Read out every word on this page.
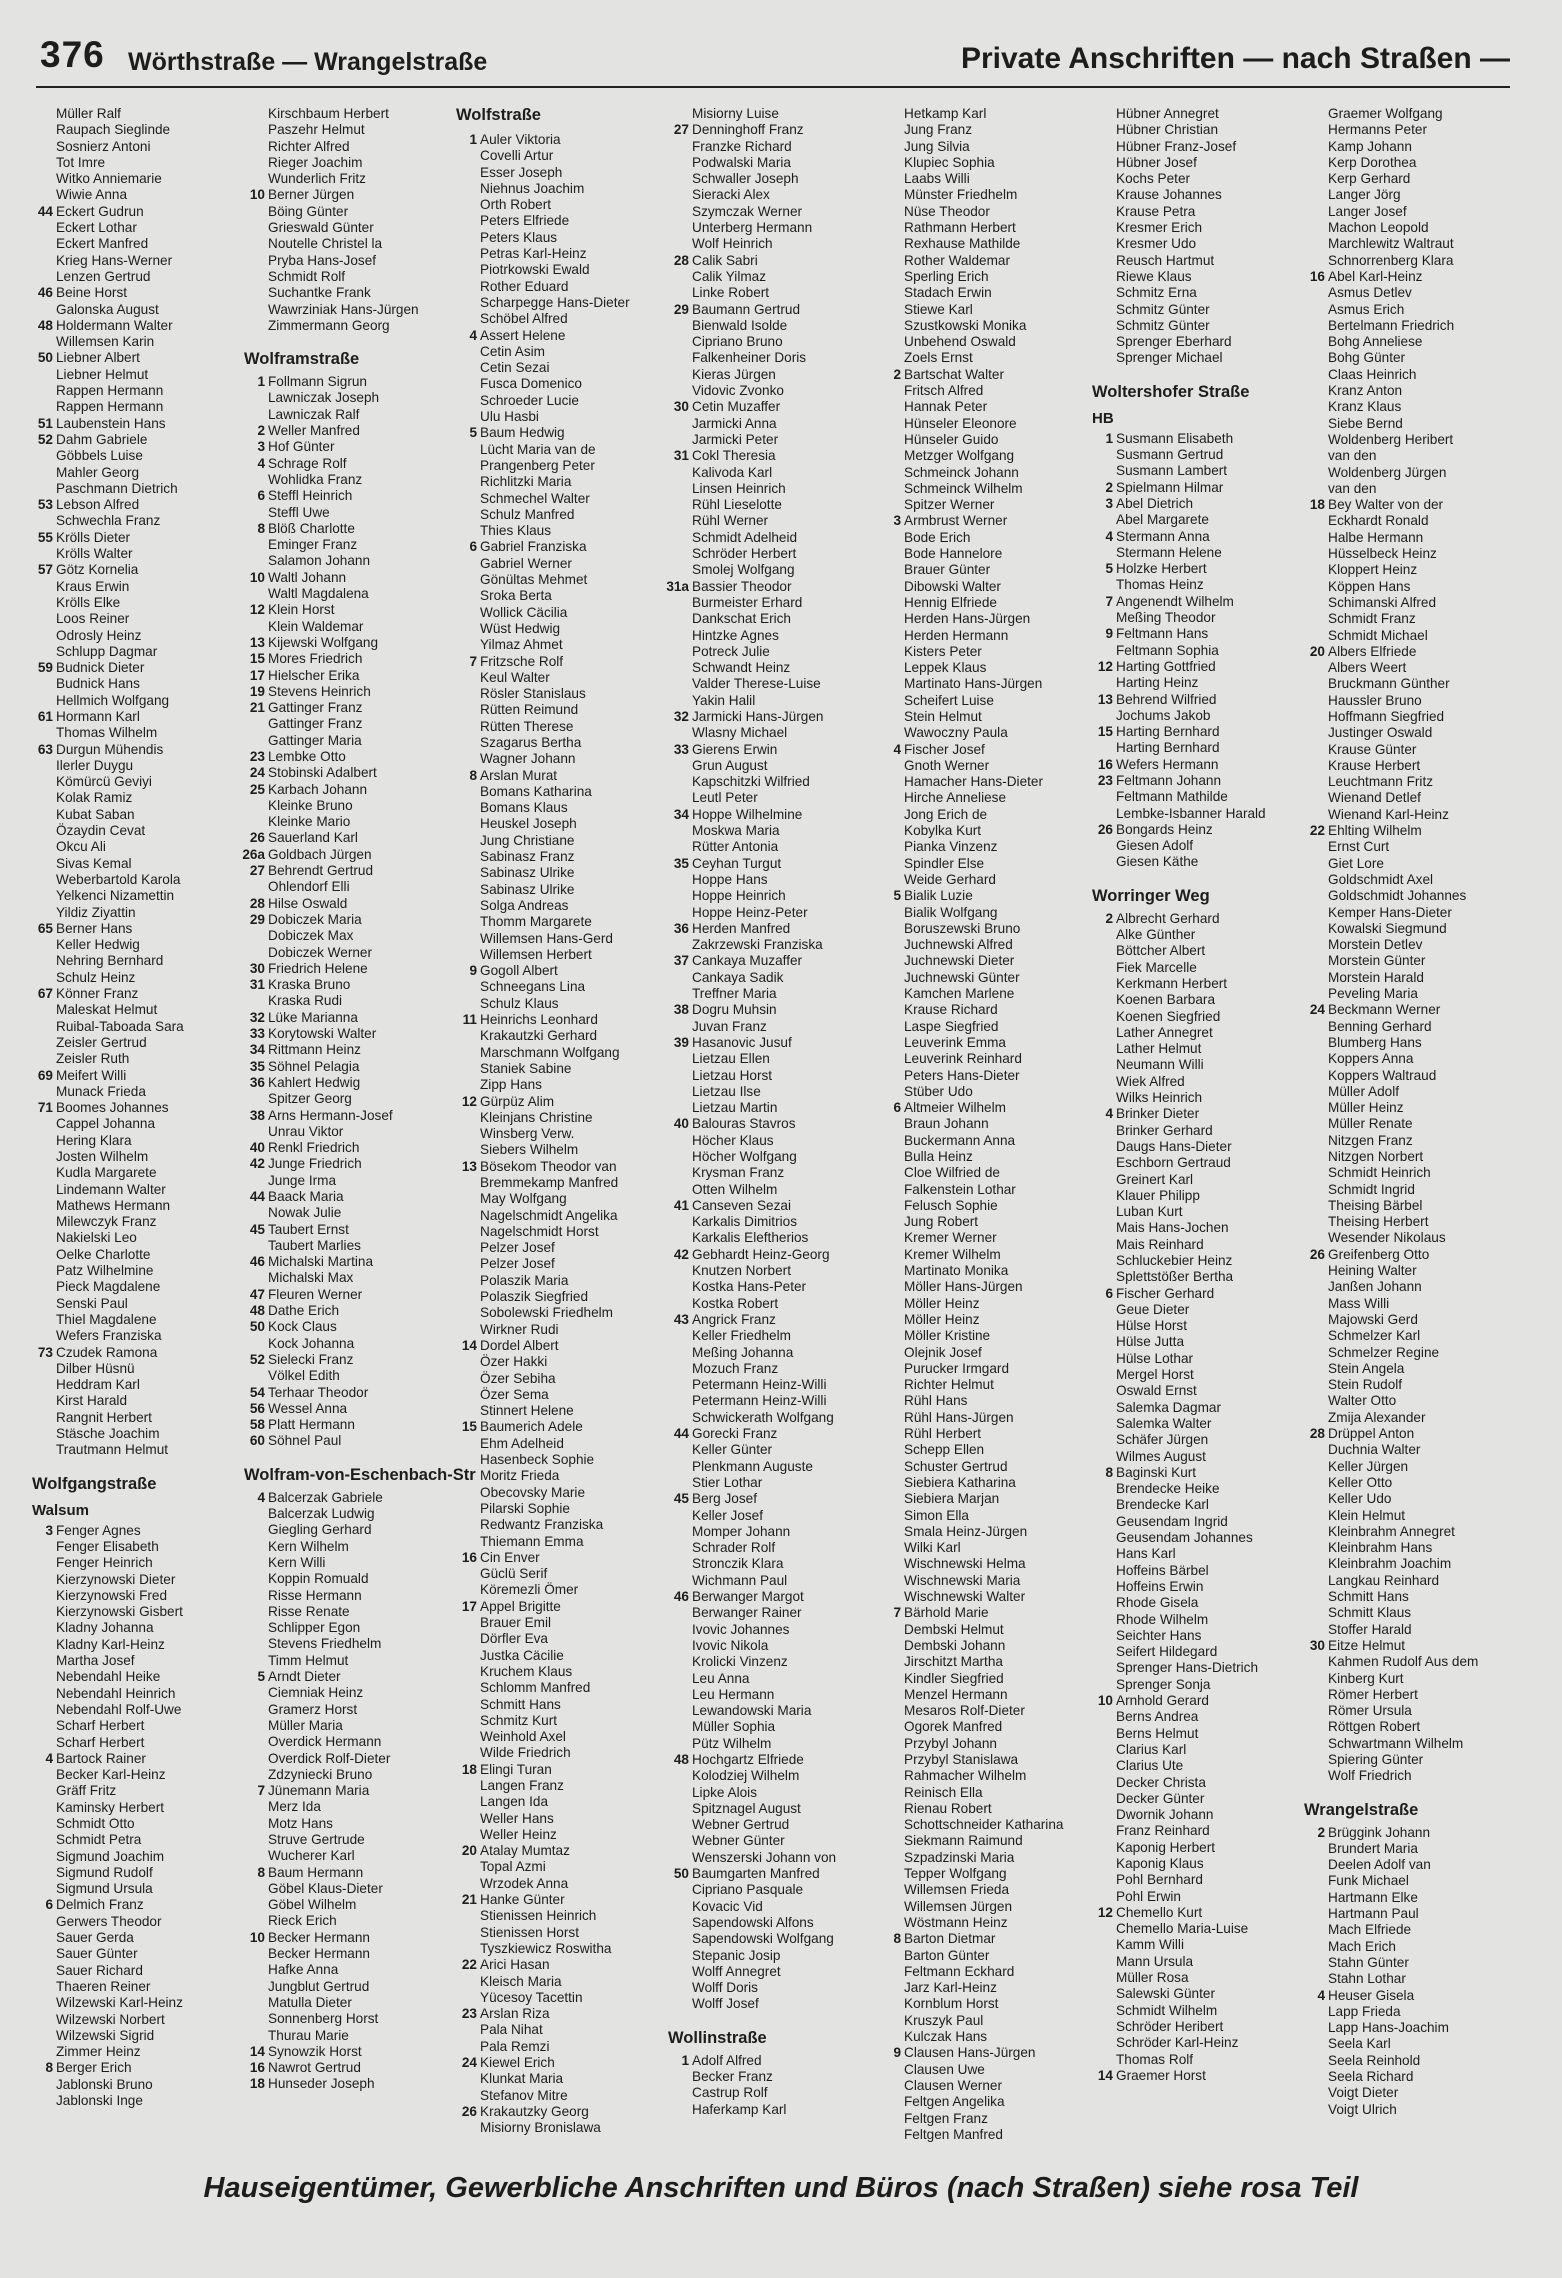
376 Wörthstraße — Wrangelstraße	Private Anschriften — nach Straßen —
Müller Ralf
Raupach Sieglinde
Sosnierz Antoni
Tot Imre
Witko Anniemarie
Wiwie Anna
44 Eckert Gudrun
Eckert Lothar
Eckert Manfred
Krieg Hans-Werner
Lenzen Gertrud
46 Beine Horst
Galonska August
48 Holdermann Walter
Willemsen Karin
50 Liebner Albert
Liebner Helmut
Rappen Hermann
Rappen Hermann
51 Laubenstein Hans
52 Dahm Gabriele
Göbbels Luise
Mahler Georg
Paschmann Dietrich
53 Lebson Alfred
Schwechla Franz
55 Krölls Dieter
Krölls Walter
57 Götz Kornelia
Kraus Erwin
Krölls Elke
Loos Reiner
Odrosly Heinz
Schlupp Dagmar
59 Budnick Dieter
Budnick Hans
Hellmich Wolfgang
61 Hormann Karl
Thomas Wilhelm
63 Durgun Mühendis
Ilerler Duygu
Kömürcü Geviyi
Kolak Ramiz
Kubat Saban
Özaydin Cevat
Okcu Ali
Sivas Kemal
Weberbartold Karola
Yelkenci Nizamettin
Yildiz Ziyattin
65 Berner Hans
Keller Hedwig
Nehring Bernhard
Schulz Heinz
67 Könner Franz
Maleskat Helmut
Ruibal-Taboada Sara
Zeisler Gertrud
Zeisler Ruth
69 Meifert Willi
Munack Frieda
71 Boomes Johannes
Cappel Johanna
Hering Klara
Josten Wilhelm
Kudla Margarete
Lindemann Walter
Mathews Hermann
Milewczyk Franz
Nakielski Leo
Oelke Charlotte
Patz Wilhelmine
Pieck Magdalene
Senski Paul
Thiel Magdalene
Wefers Franziska
73 Czudek Ramona
Dilber Hüsnü
Heddram Karl
Kirst Harald
Rangnit Herbert
Stäsche Joachim
Trautmann Helmut
Wolfgangstraße
Walsum
3 Fenger Agnes
Fenger Elisabeth
Fenger Heinrich
Kierzynowski Dieter
Kierzynowski Fred
Kierzynowski Gisbert
Kladny Johanna
Kladny Karl-Heinz
Martha Josef
Nebendahl Heike
Nebendahl Heinrich
Nebendahl Rolf-Uwe
Scharf Herbert
Scharf Herbert
4 Bartock Rainer
Becker Karl-Heinz
Gräff Fritz
Kaminsky Herbert
Schmidt Otto
Schmidt Petra
Sigmund Joachim
Sigmund Rudolf
Sigmund Ursula
6 Delmich Franz
Gerwers Theodor
Sauer Gerda
Sauer Günter
Sauer Richard
Thaeren Reiner
Wilzewski Karl-Heinz
Wilzewski Norbert
Wilzewski Sigrid
Zimmer Heinz
8 Berger Erich
Jablonski Bruno
Jablonski Inge
Kirschbaum Herbert
Paszehr Helmut
Richter Alfred
Rieger Joachim
Wunderlich Fritz
10 Berner Jürgen
Böing Günter
Grieswald Günter
Noutelle Christel la
Pryba Hans-Josef
Schmidt Rolf
Suchantke Frank
Wawrziniak Hans-Jürgen
Zimmermann Georg
Wolframstraße
1 Follmann Sigrun
Lawniczak Joseph
Lawniczak Ralf
2 Weller Manfred
3 Hof Günter
4 Schrage Rolf
Wohlidka Franz
6 Steffl Heinrich
Steffl Uwe
8 Blöß Charlotte
Eminger Franz
Salamon Johann
10 Waltl Johann
Waltl Magdalena
12 Klein Horst
Klein Waldemar
13 Kijewski Wolfgang
15 Mores Friedrich
17 Hielscher Erika
19 Stevens Heinrich
21 Gattinger Franz
Gattinger Franz
Gattinger Maria
23 Lembke Otto
24 Stobinski Adalbert
25 Karbach Johann
Kleinke Bruno
Kleinke Mario
26 Sauerland Karl
26a Goldbach Jürgen
27 Behrendt Gertrud
Ohlendorf Elli
28 Hilse Oswald
29 Dobiczek Maria
Dobiczek Max
Dobiczek Werner
30 Friedrich Helene
31 Kraska Bruno
Kraska Rudi
32 Lüke Marianna
33 Korytowski Walter
34 Rittmann Heinz
35 Söhnel Pelagia
36 Kahlert Hedwig
Spitzer Georg
38 Arns Hermann-Josef
Unrau Viktor
40 Renkl Friedrich
42 Junge Friedrich
Junge Irma
44 Baack Maria
Nowak Julie
45 Taubert Ernst
Taubert Marlies
46 Michalski Martina
Michalski Max
47 Fleuren Werner
48 Dathe Erich
50 Kock Claus
Kock Johanna
52 Sielecki Franz
Völkel Edith
54 Terhaar Theodor
56 Wessel Anna
58 Platt Hermann
60 Söhnel Paul
Wolfram-von-Eschenbach-Str
4 Balcerzak Gabriele
Balcerzak Ludwig
Giegling Gerhard
Kern Wilhelm
Kern Willi
Koppin Romuald
Risse Hermann
Risse Renate
Schlipper Egon
Stevens Friedhelm
Timm Helmut
5 Arndt Dieter
Ciemniak Heinz
Gramerz Horst
Müller Maria
Overdick Hermann
Overdick Rolf-Dieter
Zdzyniecki Bruno
7 Jünemann Maria
Merz Ida
Motz Hans
Struve Gertrude
Wucherer Karl
8 Baum Hermann
Göbel Klaus-Dieter
Göbel Wilhelm
Rieck Erich
10 Becker Hermann
Becker Hermann
Hafke Anna
Jungblut Gertrud
Matulla Dieter
Sonnenberg Horst
Thurau Marie
14 Synowzik Horst
16 Nawrot Gertrud
18 Hunseder Joseph
Wolfstraße
1 Auler Viktoria
Covelli Artur
Esser Joseph
Niehnus Joachim
Orth Robert
Peters Elfriede
Peters Klaus
Petras Karl-Heinz
Piotrkowski Ewald
Rother Eduard
Scharpegge Hans-Dieter
Schöbel Alfred
4 Assert Helene
Cetin Asim
Cetin Sezai
Fusca Domenico
Schroeder Lucie
Ulu Hasbi
5 Baum Hedwig
Lücht Maria van de
Prangenberg Peter
Richlitzki Maria
Schmechel Walter
Schulz Manfred
Thies Klaus
6 Gabriel Franziska
Gabriel Werner
Gönültas Mehmet
Sroka Berta
Wollick Cäcilia
Wüst Hedwig
Yilmaz Ahmet
7 Fritzsche Rolf
Keul Walter
Rösler Stanislaus
Rütten Reimund
Rütten Therese
Szagarus Bertha
Wagner Johann
8 Arslan Murat
Bomans Katharina
Bomans Klaus
Heuskel Joseph
Jung Christiane
Sabinasz Franz
Sabinasz Ulrike
Sabinasz Ulrike
Solga Andreas
Thomm Margarete
Willemsen Hans-Gerd
Willemsen Herbert
9 Gogoll Albert
Schneegans Lina
Schulz Klaus
11 Heinrichs Leonhard
Krakautzki Gerhard
Marschmann Wolfgang
Staniek Sabine
Zipp Hans
12 Gürpüz Alim
Kleinjans Christine
Winsberg Verw.
Siebers Wilhelm
13 Bösekom Theodor van
Bremmekamp Manfred
May Wolfgang
Nagelschmidt Angelika
Nagelschmidt Horst
Pelzer Josef
Pelzer Josef
Polaszik Maria
Polaszik Siegfried
Sobolewski Friedhelm
Wirkner Rudi
14 Dordel Albert
Özer Hakki
Özer Sebiha
Özer Sema
Stinnert Helene
15 Baumerich Adele
Ehm Adelheid
Hasenbeck Sophie
Moritz Frieda
Obecovsky Marie
Pilarski Sophie
Redwantz Franziska
Thiemann Emma
16 Cin Enver
Güclü Serif
Köremezli Ömer
17 Appel Brigitte
Brauer Emil
Dörfler Eva
Justka Cäcilie
Kruchem Klaus
Schlomm Manfred
Schmitt Hans
Schmitz Kurt
Weinhold Axel
Wilde Friedrich
18 Elingi Turan
Langen Franz
Langen Ida
Weller Hans
Weller Heinz
20 Atalay Mumtaz
Topal Azmi
Wrzodek Anna
21 Hanke Günter
Stienissen Heinrich
Stienissen Horst
Tyszkiewicz Roswitha
22 Arici Hasan
Kleisch Maria
Yücesoy Tacettin
23 Arslan Riza
Pala Nihat
Pala Remzi
24 Kiewel Erich
Klunkat Maria
Stefanov Mitre
26 Krakautzky Georg
Misiorny Bronislawa
Misiorny Luise
27 Denninghoff Franz
Franzke Richard
Podwalski Maria
Schwaller Joseph
Sieracki Alex
Szymczak Werner
Unterberg Hermann
Wolf Heinrich
28 Calik Sabri
Calik Yilmaz
Linke Robert
29 Baumann Gertrud
Bienwald Isolde
Cipriano Bruno
Falkenheiner Doris
Kieras Jürgen
Vidovic Zvonko
30 Cetin Muzaffer
Jarmicki Anna
Jarmicki Peter
31 Cokl Theresia
Kalivoda Karl
Linsen Heinrich
Rühl Lieselotte
Rühl Werner
Schmidt Adelheid
Schröder Herbert
Smolej Wolfgang
31a Bassier Theodor
Burmeister Erhard
Dankschat Erich
Hintzke Agnes
Potreck Julie
Schwandt Heinz
Valder Therese-Luise
Yakin Halil
32 Jarmicki Hans-Jürgen
Wlasny Michael
33 Gierens Erwin
Grun August
Kapschitzki Wilfried
Leutl Peter
34 Hoppe Wilhelmine
Moskwa Maria
Rütter Antonia
35 Ceyhan Turgut
Hoppe Hans
Hoppe Heinrich
Hoppe Heinz-Peter
36 Herden Manfred
Zakrzewski Franziska
37 Cankaya Muzaffer
Cankaya Sadik
Treffner Maria
38 Dogru Muhsin
Juvan Franz
39 Hasanovic Jusuf
Lietzau Ellen
Lietzau Horst
Lietzau Ilse
Lietzau Martin
40 Balouras Stavros
Höcher Klaus
Höcher Wolfgang
Krysman Franz
Otten Wilhelm
41 Canseven Sezai
Karkalis Dimitrios
Karkalis Eleftherios
42 Gebhardt Heinz-Georg
Knutzen Norbert
Kostka Hans-Peter
Kostka Robert
43 Angrick Franz
Keller Friedhelm
Meßing Johanna
Mozuch Franz
Petermann Heinz-Willi
Petermann Heinz-Willi
Schwickerath Wolfgang
44 Gorecki Franz
Keller Günter
Plenkmann Auguste
Stier Lothar
45 Berg Josef
Keller Josef
Momper Johann
Schrader Rolf
Stronczik Klara
Wichmann Paul
46 Berwanger Margot
Berwanger Rainer
Ivovic Johannes
Ivovic Nikola
Krolicki Vinzenz
Leu Anna
Leu Hermann
Lewandowski Maria
Müller Sophia
Pütz Wilhelm
48 Hochgartz Elfriede
Kolodziej Wilhelm
Lipke Alois
Spitznagel August
Webner Gertrud
Webner Günter
Wenszerski Johann von
50 Baumgarten Manfred
Cipriano Pasquale
Kovacic Vid
Sapendowski Alfons
Sapendowski Wolfgang
Stepanic Josip
Wolff Annegret
Wolff Doris
Wolff Josef
Wollinstraße
1 Adolf Alfred
Becker Franz
Castrup Rolf
Haferkamp Karl
Hetkamp Karl
Jung Franz
Jung Silvia
Klupiec Sophia
Laabs Willi
Münster Friedhelm
Nüse Theodor
Rathmann Herbert
Rexhause Mathilde
Rother Waldemar
Sperling Erich
Stadach Erwin
Stiewe Karl
Szustkowski Monika
Unbehend Oswald
Zoels Ernst
2 Bartschat Walter
Fritsch Alfred
Hannak Peter
Hünseler Eleonore
Hünseler Guido
Metzger Wolfgang
Schmeinck Johann
Schmeinck Wilhelm
Spitzer Werner
3 Armbrust Werner
Bode Erich
Bode Hannelore
Brauer Günter
Dibowski Walter
Hennig Elfriede
Herden Hans-Jürgen
Herden Hermann
Kisters Peter
Leppek Klaus
Martinato Hans-Jürgen
Scheifert Luise
Stein Helmut
Wawoczny Paula
4 Fischer Josef
Gnoth Werner
Hamacher Hans-Dieter
Hirche Anneliese
Jong Erich de
Kobylka Kurt
Pianka Vinzenz
Spindler Else
Weide Gerhard
5 Bialik Luzie
Bialik Wolfgang
Boruszewski Bruno
Juchnewski Alfred
Juchnewski Dieter
Juchnewski Günter
Kamchen Marlene
Krause Richard
Laspe Siegfried
Leuverink Emma
Leuverink Reinhard
Peters Hans-Dieter
Stüber Udo
6 Altmeier Wilhelm
Braun Johann
Buckermann Anna
Bulla Heinz
Cloe Wilfried de
Falkenstein Lothar
Felusch Sophie
Jung Robert
Kremer Werner
Kremer Wilhelm
Martinato Monika
Möller Hans-Jürgen
Möller Heinz
Möller Heinz
Möller Kristine
Olejnik Josef
Purucker Irmgard
Richter Helmut
Rühl Hans
Rühl Hans-Jürgen
Rühl Herbert
Schepp Ellen
Schuster Gertrud
Siebiera Katharina
Siebiera Marjan
Simon Ella
Smala Heinz-Jürgen
Wilki Karl
Wischnewski Helma
Wischnewski Maria
Wischnewski Walter
7 Bärhold Marie
Dembski Helmut
Dembski Johann
Jirschitzt Martha
Kindler Siegfried
Menzel Hermann
Mesaros Rolf-Dieter
Ogorek Manfred
Przybyl Johann
Przybyl Stanislawa
Rahmacher Wilhelm
Reinisch Ella
Rienau Robert
Schottschneider Katharina
Siekmann Raimund
Szpadzinski Maria
Tepper Wolfgang
Willemsen Frieda
Willemsen Jürgen
Wöstmann Heinz
8 Barton Dietmar
Barton Günter
Feltmann Eckhard
Jarz Karl-Heinz
Kornblum Horst
Kruszyk Paul
Kulczak Hans
9 Clausen Hans-Jürgen
Clausen Uwe
Clausen Werner
Feltgen Angelika
Feltgen Franz
Feltgen Manfred
Hübner Annegret
Hübner Christian
Hübner Franz-Josef
Hübner Josef
Kochs Peter
Krause Johannes
Krause Petra
Kresmer Erich
Kresmer Udo
Reusch Hartmut
Riewe Klaus
Schmitz Erna
Schmitz Günter
Schmitz Günter
Sprenger Eberhard
Sprenger Michael
Woltershofer Straße
HB
1 Susmann Elisabeth
Susmann Gertrud
Susmann Lambert
2 Spielmann Hilmar
3 Abel Dietrich
Abel Margarete
4 Stermann Anna
Stermann Helene
5 Holzke Herbert
Thomas Heinz
7 Angenendt Wilhelm
Meßing Theodor
9 Feltmann Hans
Feltmann Sophia
12 Harting Gottfried
Harting Heinz
13 Behrend Wilfried
Jochums Jakob
15 Harting Bernhard
Harting Bernhard
16 Wefers Hermann
23 Feltmann Johann
Feltmann Mathilde
Lembke-Isbanner Harald
26 Bongards Heinz
Giesen Adolf
Giesen Käthe
Worringer Weg
2 Albrecht Gerhard
Alke Günther
Böttcher Albert
Fiek Marcelle
Kerkmann Herbert
Koenen Barbara
Koenen Siegfried
Lather Annegret
Lather Helmut
Neumann Willi
Wiek Alfred
Wilks Heinrich
4 Brinker Dieter
Brinker Gerhard
Daugs Hans-Dieter
Eschborn Gertraud
Greinert Karl
Klauer Philipp
Luban Kurt
Mais Hans-Jochen
Mais Reinhard
Schluckebier Heinz
Splettstößer Bertha
6 Fischer Gerhard
Geue Dieter
Hülse Horst
Hülse Jutta
Hülse Lothar
Mergel Horst
Oswald Ernst
Salemka Dagmar
Salemka Walter
Schäfer Jürgen
Wilmes August
8 Baginski Kurt
Brendecke Heike
Brendecke Karl
Geusendam Ingrid
Geusendam Johannes
Hans Karl
Hoffeins Bärbel
Hoffeins Erwin
Rhode Gisela
Rhode Wilhelm
Seichter Hans
Seifert Hildegard
Sprenger Hans-Dietrich
Sprenger Sonja
10 Arnhold Gerard
Berns Andrea
Berns Helmut
Clarius Karl
Clarius Ute
Decker Christa
Decker Günter
Dwornik Johann
Franz Reinhard
Kaponig Herbert
Kaponig Klaus
Pohl Bernhard
Pohl Erwin
12 Chemello Kurt
Chemello Maria-Luise
Kamm Willi
Mann Ursula
Müller Rosa
Salewski Günter
Schmidt Wilhelm
Schröder Heribert
Schröder Karl-Heinz
Thomas Rolf
14 Graemer Horst
Graemer Wolfgang
Hermanns Peter
Kamp Johann
Kerp Dorothea
Kerp Gerhard
Langer Jörg
Langer Josef
Machon Leopold
Marchlewitz Waltraut
Schnorrenberg Klara
16 Abel Karl-Heinz
Asmus Detlev
Asmus Erich
Bertelmann Friedrich
Bohg Anneliese
Bohg Günter
Claas Heinrich
Kranz Anton
Kranz Klaus
Siebe Bernd
Woldenberg Heribert
van den
Woldenberg Jürgen
van den
18 Bey Walter von der
Eckhardt Ronald
Halbe Hermann
Hüsselbeck Heinz
Kloppert Heinz
Köppen Hans
Schimanski Alfred
Schmidt Franz
Schmidt Michael
20 Albers Elfriede
Albers Weert
Bruckmann Günther
Haussler Bruno
Hoffmann Siegfried
Justinger Oswald
Krause Günter
Krause Herbert
Leuchtmann Fritz
Wienand Detlef
Wienand Karl-Heinz
22 Ehlting Wilhelm
Ernst Curt
Giet Lore
Goldschmidt Axel
Goldschmidt Johannes
Kemper Hans-Dieter
Kowalski Siegmund
Morstein Detlev
Morstein Günter
Morstein Harald
Peveling Maria
24 Beckmann Werner
Benning Gerhard
Blumberg Hans
Koppers Anna
Koppers Waltraud
Müller Adolf
Müller Heinz
Müller Renate
Nitzgen Franz
Nitzgen Norbert
Schmidt Heinrich
Schmidt Ingrid
Theising Bärbel
Theising Herbert
Wesender Nikolaus
26 Greifenberg Otto
Heining Walter
Janßen Johann
Mass Willi
Majowski Gerd
Schmelzer Karl
Schmelzer Regine
Stein Angela
Stein Rudolf
Walter Otto
Zmija Alexander
28 Drüppel Anton
Duchnia Walter
Keller Jürgen
Keller Otto
Keller Udo
Klein Helmut
Kleinbrahm Annegret
Kleinbrahm Hans
Kleinbrahm Joachim
Langkau Reinhard
Schmitt Hans
Schmitt Klaus
Stoffer Harald
30 Eitze Helmut
Kahmen Rudolf Aus dem
Kinberg Kurt
Römer Herbert
Römer Ursula
Röttgen Robert
Schwartmann Wilhelm
Spiering Günter
Wolf Friedrich
Wrangelstraße
2 Brüggink Johann
Brundert Maria
Deelen Adolf van
Funk Michael
Hartmann Elke
Hartmann Paul
Mach Elfriede
Mach Erich
Stahn Günter
Stahn Lothar
4 Heuser Gisela
Lapp Frieda
Lapp Hans-Joachim
Seela Karl
Seela Reinhold
Seela Richard
Voigt Dieter
Voigt Ulrich
Hauseigentümer, Gewerbliche Anschriften und Büros (nach Straßen) siehe rosa Teil
